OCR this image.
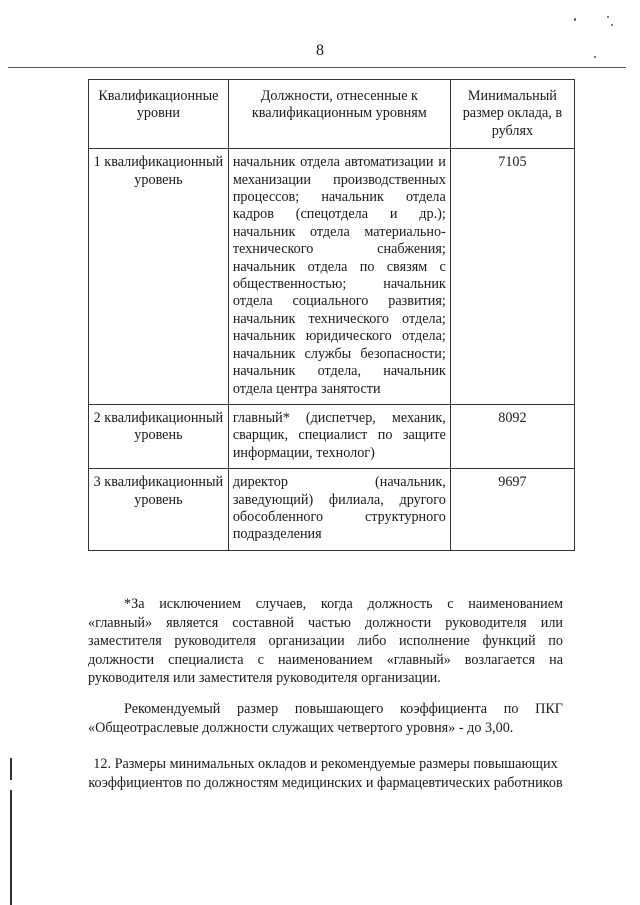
8
Квалификационные уровни	Должности, отнесенные к квалификационным уровням	Минимальный размер оклада, в рублях

1 квалификационный уровень	начальник отдела автоматизации и механизации производственных процессов; начальник отдела кадров (спецотдела и др.); начальник отдела материально-технического снабжения; начальник отдела по связям с общественностью; начальник отдела социального развития; начальник технического отдела; начальник юридического отдела; начальник службы безопасности; начальник отдела, начальник отдела центра занятости	7105

2 квалификационный уровень	главный* (диспетчер, механик, сварщик, специалист по защите информации, технолог)	8092

3 квалификационный уровень	директор (начальник, заведующий) филиала, другого обособленного структурного подразделения	9697

*За исключением случаев, когда должность с наименованием «главный» является составной частью должности руководителя или заместителя руководителя организации либо исполнение функций по должности специалиста с наименованием «главный» возлагается на руководителя или заместителя руководителя организации.

Рекомендуемый размер повышающего коэффициента по ПКГ «Общеотраслевые должности служащих четвертого уровня» - до 3,00.

12. Размеры минимальных окладов и рекомендуемые размеры повышающих коэффициентов по должностям медицинских и фармацевтических работников
